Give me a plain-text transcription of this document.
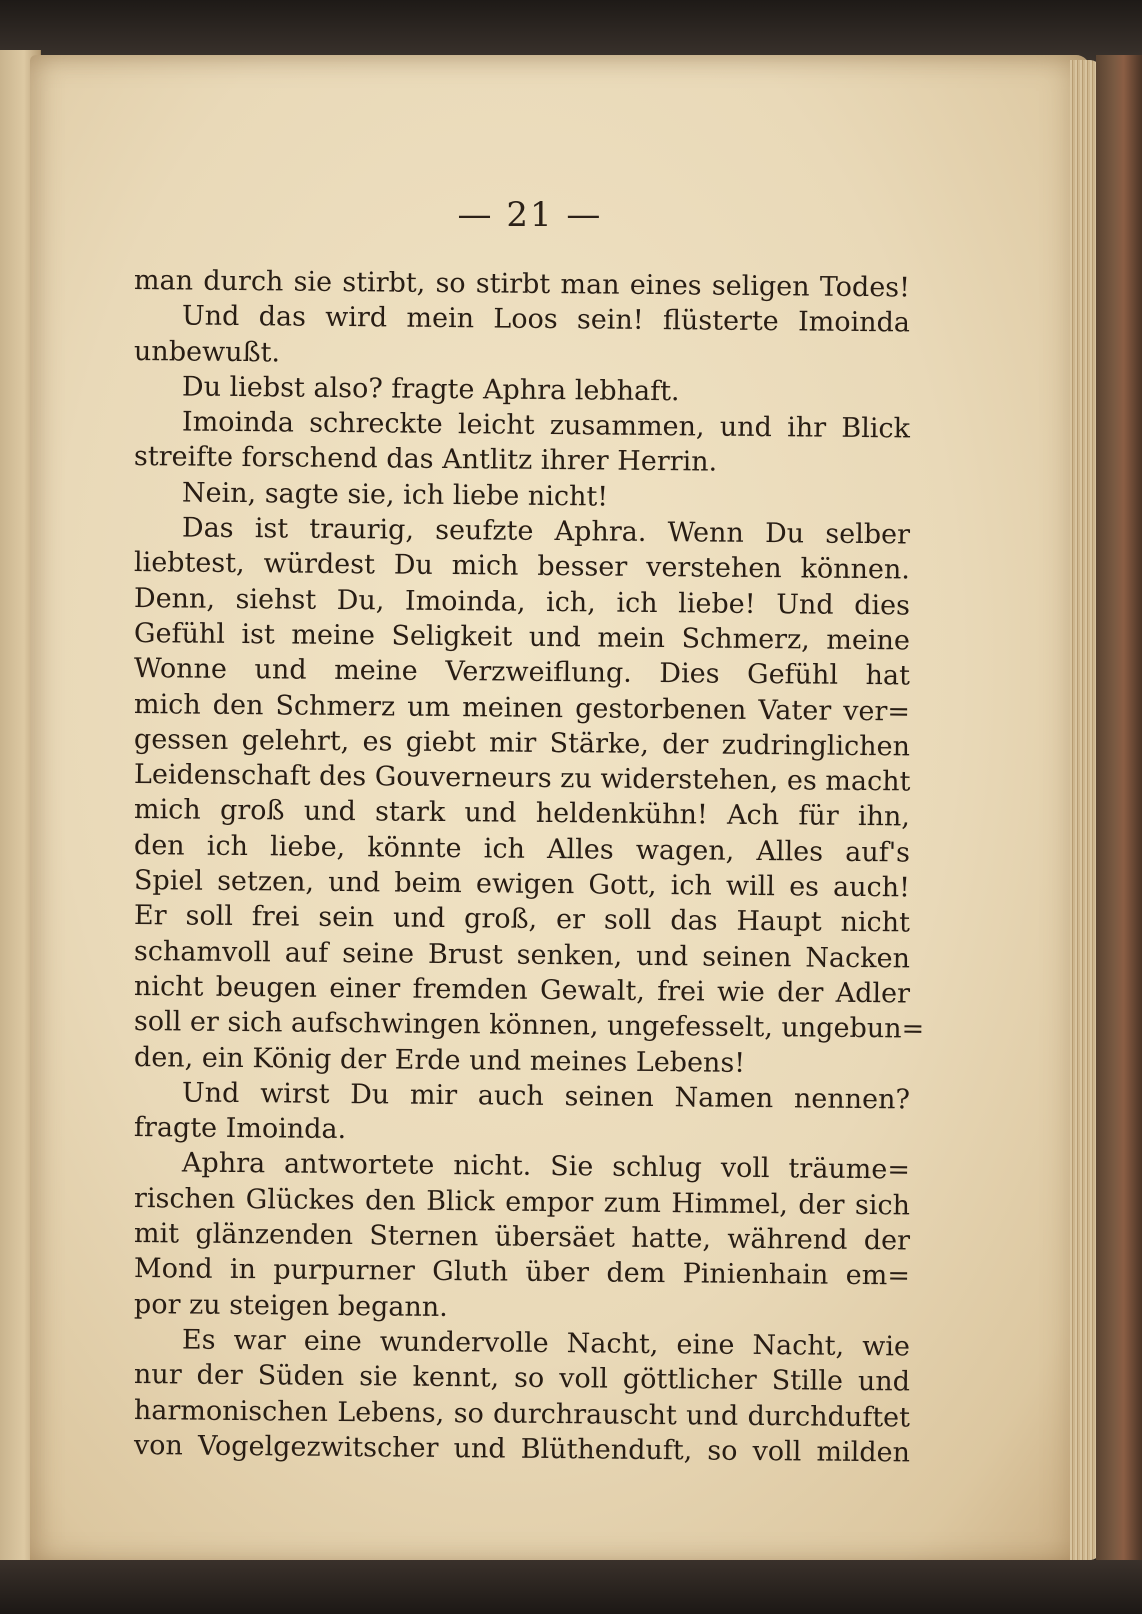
— 21 —
man durch sie stirbt, so stirbt man eines seligen Todes!
Und das wird mein Loos sein! flüsterte Imoinda
unbewußt.
Du liebst also? fragte Aphra lebhaft.
Imoinda schreckte leicht zusammen, und ihr Blick
streifte forschend das Antlitz ihrer Herrin.
Nein, sagte sie, ich liebe nicht!
Das ist traurig, seufzte Aphra. Wenn Du selber
liebtest, würdest Du mich besser verstehen können.
Denn, siehst Du, Imoinda, ich, ich liebe! Und dies
Gefühl ist meine Seligkeit und mein Schmerz, meine
Wonne und meine Verzweiflung. Dies Gefühl hat
mich den Schmerz um meinen gestorbenen Vater ver=
gessen gelehrt, es giebt mir Stärke, der zudringlichen
Leidenschaft des Gouverneurs zu widerstehen, es macht
mich groß und stark und heldenkühn! Ach für ihn,
den ich liebe, könnte ich Alles wagen, Alles auf's
Spiel setzen, und beim ewigen Gott, ich will es auch!
Er soll frei sein und groß, er soll das Haupt nicht
schamvoll auf seine Brust senken, und seinen Nacken
nicht beugen einer fremden Gewalt, frei wie der Adler
soll er sich aufschwingen können, ungefesselt, ungebun=
den, ein König der Erde und meines Lebens!
Und wirst Du mir auch seinen Namen nennen?
fragte Imoinda.
Aphra antwortete nicht. Sie schlug voll träume=
rischen Glückes den Blick empor zum Himmel, der sich
mit glänzenden Sternen übersäet hatte, während der
Mond in purpurner Gluth über dem Pinienhain em=
por zu steigen begann.
Es war eine wundervolle Nacht, eine Nacht, wie
nur der Süden sie kennt, so voll göttlicher Stille und
harmonischen Lebens, so durchrauscht und durchduftet
von Vogelgezwitscher und Blüthenduft, so voll milden
